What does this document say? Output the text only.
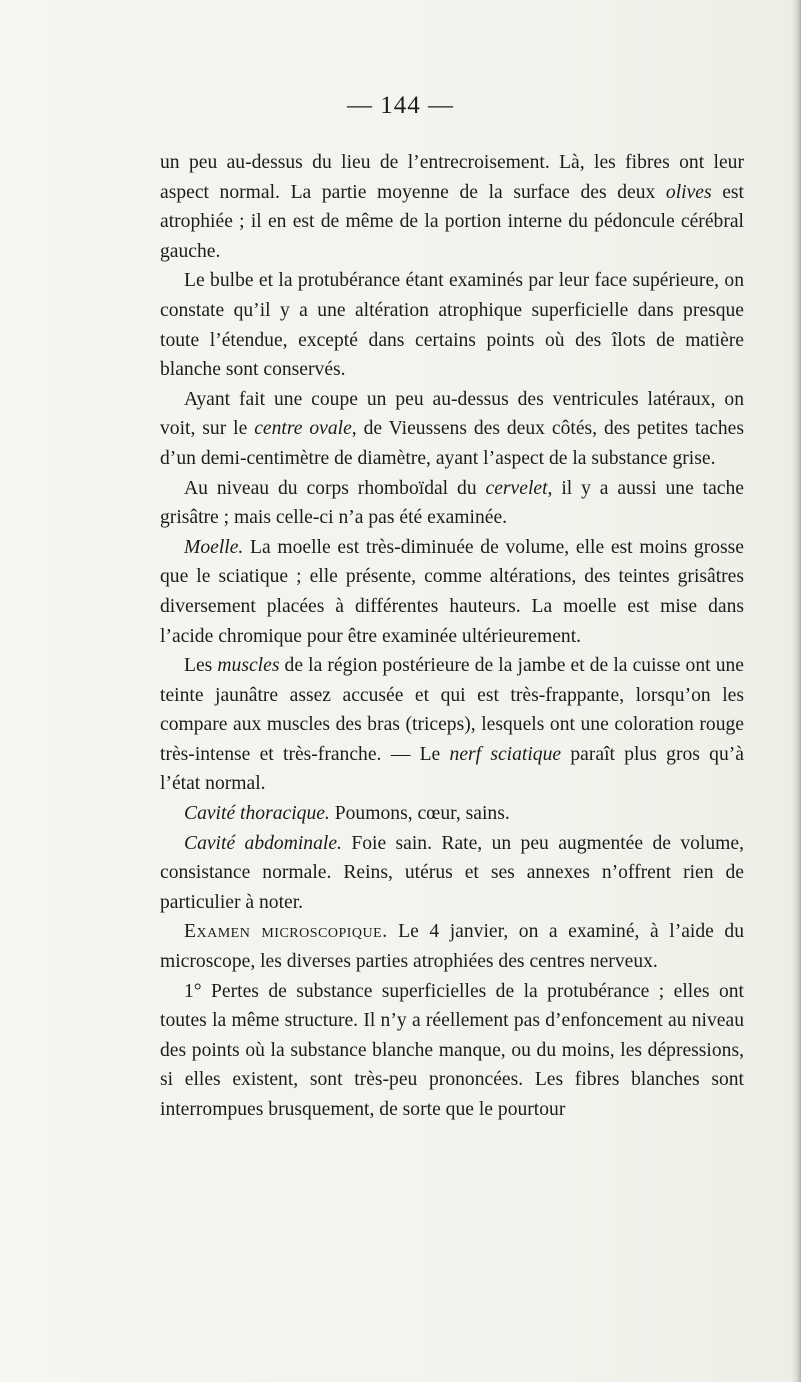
— 144 —

un peu au-dessus du lieu de l’entrecroisement. Là, les fibres ont leur aspect normal. La partie moyenne de la surface des deux olives est atrophiée ; il en est de même de la portion interne du pédoncule cérébral gauche.

Le bulbe et la protubérance étant examinés par leur face supérieure, on constate qu’il y a une altération atrophique superficielle dans presque toute l’étendue, excepté dans certains points où des îlots de matière blanche sont conservés.

Ayant fait une coupe un peu au-dessus des ventricules latéraux, on voit, sur le centre ovale, de Vieussens des deux côtés, des petites taches d’un demi-centimètre de diamètre, ayant l’aspect de la substance grise.

Au niveau du corps rhomboïdal du cervelet, il y a aussi une tache grisâtre ; mais celle-ci n’a pas été examinée.

Moelle. La moelle est très-diminuée de volume, elle est moins grosse que le sciatique ; elle présente, comme altérations, des teintes grisâtres diversement placées à différentes hauteurs. La moelle est mise dans l’acide chromique pour être examinée ultérieurement.

Les muscles de la région postérieure de la jambe et de la cuisse ont une teinte jaunâtre assez accusée et qui est très-frappante, lorsqu’on les compare aux muscles des bras (triceps), lesquels ont une coloration rouge très-intense et très-franche. — Le nerf sciatique paraît plus gros qu’à l’état normal.

Cavité thoracique. Poumons, cœur, sains.

Cavité abdominale. Foie sain. Rate, un peu augmentée de volume, consistance normale. Reins, utérus et ses annexes n’offrent rien de particulier à noter.

Examen microscopique. Le 4 janvier, on a examiné, à l’aide du microscope, les diverses parties atrophiées des centres nerveux.

1° Pertes de substance superficielles de la protubérance ; elles ont toutes la même structure. Il n’y a réellement pas d’enfoncement au niveau des points où la substance blanche manque, ou du moins, les dépressions, si elles existent, sont très-peu prononcées. Les fibres blanches sont interrompues brusquement, de sorte que le pourtour
